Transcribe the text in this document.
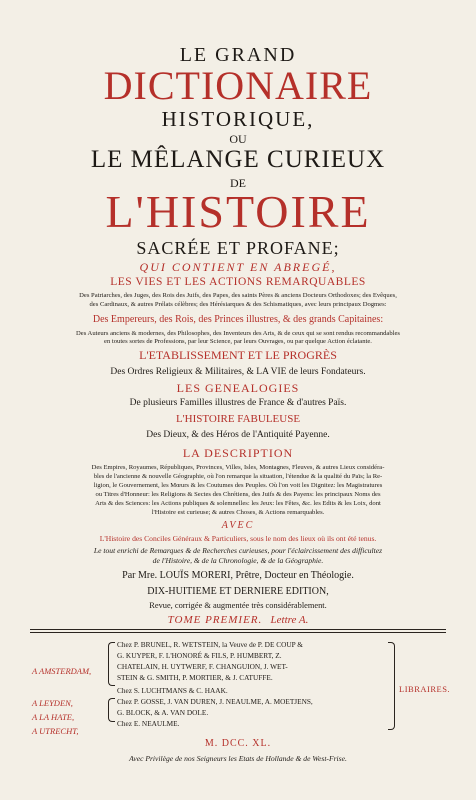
LE GRAND
DICTIONAIRE
HISTORIQUE,
OU
LE MÊLANGE CURIEUX
DE
L'HISTOIRE
SACRÉE ET PROFANE;
QUI CONTIENT EN ABREGÉ,
LES VIES ET LES ACTIONS REMARQUABLES
Des Patriarches, des Juges, des Rois des Juifs, des Papes, des saints Pères & anciens Docteurs Orthodoxes; des Evêques,
des Cardinaux, & autres Prélats célèbres; des Hérésiarques & des Schismatiques, avec leurs principaux Dogmes:
Des Empereurs, des Rois, des Princes illustres, & des grands Capitaines:
Des Auteurs anciens & modernes, des Philosophes, des Inventeurs des Arts, & de ceux qui se sont rendus recommandables
en toutes sortes de Professions, par leur Science, par leurs Ouvrages, ou par quelque Action éclatante.
L'ETABLISSEMENT ET LE PROGRÈS
Des Ordres Religieux & Militaires, & LA VIE de leurs Fondateurs.
LES GENEALOGIES
De plusieurs Familles illustres de France & d'autres Païs.
L'HISTOIRE FABULEUSE
Des Dieux, & des Héros de l'Antiquité Payenne.
LA DESCRIPTION
Des Empires, Royaumes, Républiques, Provinces, Villes, Isles, Montagnes, Fleuves, & autres Lieux considéra-
bles de l'ancienne & nouvelle Géographie, où l'on remarque la situation, l'étendue & la qualité du Païs; la Re-
ligion, le Gouvernement, les Mœurs & les Coutumes des Peuples. Où l'on voit les Dignitez: les Magistratures
ou Titres d'Honneur: les Religions & Sectes des Chrétiens, des Juifs & des Payens: les principaux Noms des
Arts & des Sciences: les Actions publiques & solemnelles: les Jeux: les Fêtes, &c. les Edits & les Loix, dont
l'Histoire est curieuse; & autres Choses, & Actions remarquables.
AVEC
L'Histoire des Conciles Généraux & Particuliers, sous le nom des lieux où ils ont été tenus.
Le tout enrichi de Remarques & de Recherches curieuses, pour l'éclaircissement des difficultez
de l'Histoire, & de la Chronologie, & de la Géographie.
Par Mre. LOUÏS MORERI, Prêtre, Docteur en Théologie.
DIX-HUITIEME ET DERNIERE EDITION,
Revue, corrigée & augmentée très considérablement.
TOME PREMIER. Lettre A.
A AMSTERDAM,
Chez P. BRUNEL, R. WETSTEIN, la Veuve de P. DE COUP &
G. KUYPER, F. L'HONORÉ & FILS, P. HUMBERT, Z.
CHATELAIN, H. UYTWERF, F. CHANGUION, J. WET-
STEIN & G. SMITH, P. MORTIER, & J. CATUFFE.
A LEYDEN,
Chez S. LUCHTMANS & C. HAAK.
A LA HATE,
Chez P. GOSSE, J. VAN DUREN, J. NEAULME, A. MOETJENS,
G. BLOCK, & A. VAN DOLE.
A UTRECHT,
Chez E. NEAULME.
LIBRAIRES.
M. DCC. XL.
Avec Privilège de nos Seigneurs les Etats de Hollande & de West-Frise.
